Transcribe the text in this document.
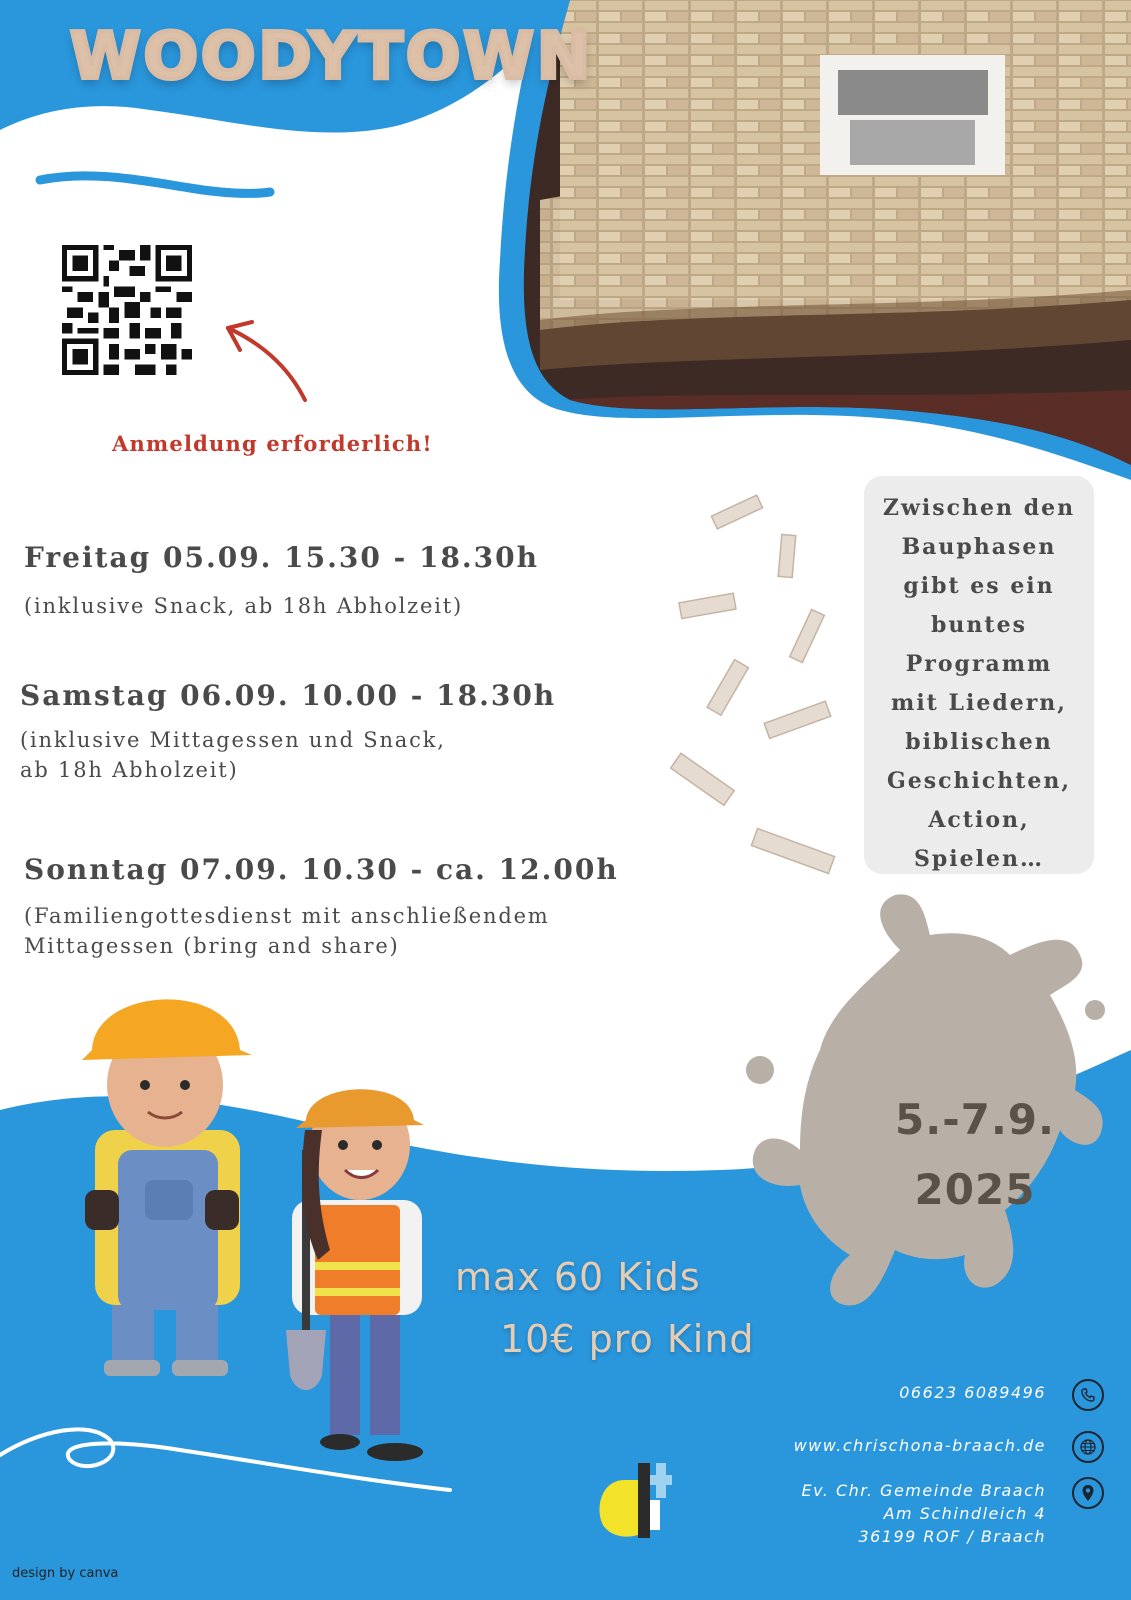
WOODYTOWN
Anmeldung erforderlich!
Freitag 05.09. 15.30 - 18.30h
(inklusive Snack, ab 18h Abholzeit)
Samstag 06.09. 10.00 - 18.30h
(inklusive Mittagessen und Snack,
ab 18h Abholzeit)
Sonntag 07.09. 10.30 - ca. 12.00h
(Familiengottesdienst mit anschließendem
Mittagessen (bring and share)
Zwischen den
Bauphasen
gibt es ein
buntes
Programm
mit Liedern,
biblischen
Geschichten,
Action,
Spielen…
5.-7.9.
2025
max 60 Kids
10€ pro Kind
06623 6089496
www.chrischona-braach.de
Ev. Chr. Gemeinde Braach
Am Schindleich 4
36199 ROF / Braach
design by canva
